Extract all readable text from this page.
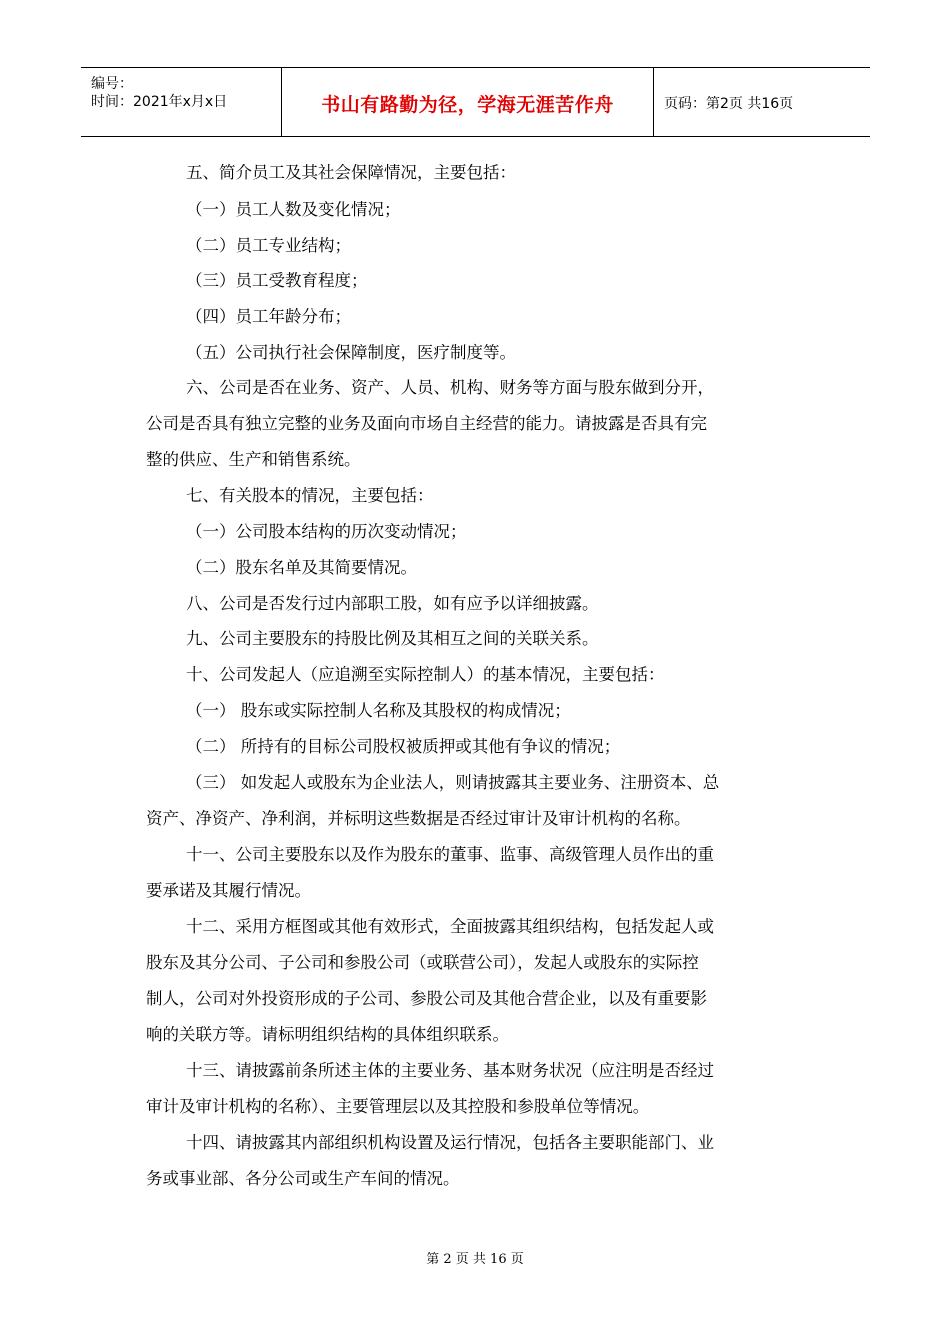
编号：
时间：2021年x月x日	书山有路勤为径，学海无涯苦作舟	页码：第2页 共16页
五、简介员工及其社会保障情况，主要包括：
（一）员工人数及变化情况；
（二）员工专业结构；
（三）员工受教育程度；
（四）员工年龄分布；
（五）公司执行社会保障制度，医疗制度等。
六、公司是否在业务、资产、人员、机构、财务等方面与股东做到分开，
公司是否具有独立完整的业务及面向市场自主经营的能力。请披露是否具有完
整的供应、生产和销售系统。
七、有关股本的情况，主要包括：
（一）公司股本结构的历次变动情况；
（二）股东名单及其简要情况。
八、公司是否发行过内部职工股，如有应予以详细披露。
九、公司主要股东的持股比例及其相互之间的关联关系。
十、公司发起人（应追溯至实际控制人）的基本情况，主要包括：
（一） 股东或实际控制人名称及其股权的构成情况；
（二） 所持有的目标公司股权被质押或其他有争议的情况；
（三） 如发起人或股东为企业法人，则请披露其主要业务、注册资本、总
资产、净资产、净利润，并标明这些数据是否经过审计及审计机构的名称。
十一、公司主要股东以及作为股东的董事、监事、高级管理人员作出的重
要承诺及其履行情况。
十二、采用方框图或其他有效形式，全面披露其组织结构，包括发起人或
股东及其分公司、子公司和参股公司（或联营公司），发起人或股东的实际控
制人，公司对外投资形成的子公司、参股公司及其他合营企业，以及有重要影
响的关联方等。请标明组织结构的具体组织联系。
十三、请披露前条所述主体的主要业务、基本财务状况（应注明是否经过
审计及审计机构的名称）、主要管理层以及其控股和参股单位等情况。
十四、请披露其内部组织机构设置及运行情况，包括各主要职能部门、业
务或事业部、各分公司或生产车间的情况。
第 2 页 共 16 页
